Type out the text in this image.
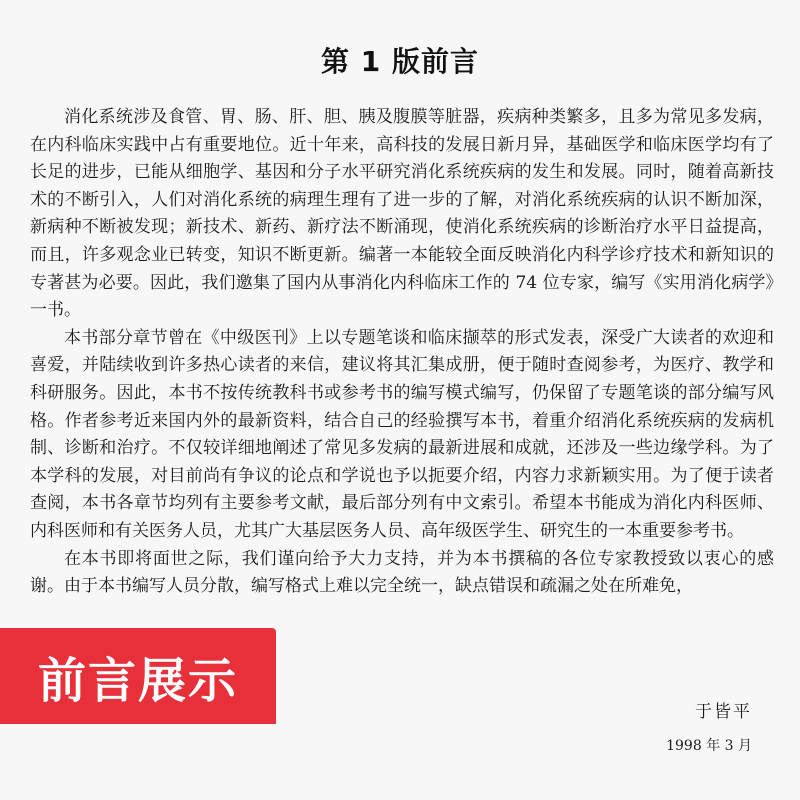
第 1 版前言

消化系统涉及食管、胃、肠、肝、胆、胰及腹膜等脏器，疾病种类繁多，且多为常见多发病，在内科临床实践中占有重要地位。近十年来，高科技的发展日新月异，基础医学和临床医学均有了长足的进步，已能从细胞学、基因和分子水平研究消化系统疾病的发生和发展。同时，随着高新技术的不断引入，人们对消化系统的病理生理有了进一步的了解，对消化系统疾病的认识不断加深，新病种不断被发现；新技术、新药、新疗法不断涌现，使消化系统疾病的诊断治疗水平日益提高，而且，许多观念业已转变，知识不断更新。编著一本能较全面反映消化内科学诊疗技术和新知识的专著甚为必要。因此，我们邀集了国内从事消化内科临床工作的 74 位专家，编写《实用消化病学》一书。

本书部分章节曾在《中级医刊》上以专题笔谈和临床撷萃的形式发表，深受广大读者的欢迎和喜爱，并陆续收到许多热心读者的来信，建议将其汇集成册，便于随时查阅参考，为医疗、教学和科研服务。因此，本书不按传统教科书或参考书的编写模式编写，仍保留了专题笔谈的部分编写风格。作者参考近来国内外的最新资料，结合自己的经验撰写本书，着重介绍消化系统疾病的发病机制、诊断和治疗。不仅较详细地阐述了常见多发病的最新进展和成就，还涉及一些边缘学科。为了本学科的发展，对目前尚有争议的论点和学说也予以扼要介绍，内容力求新颖实用。为了便于读者查阅，本书各章节均列有主要参考文献，最后部分列有中文索引。希望本书能成为消化内科医师、内科医师和有关医务人员，尤其广大基层医务人员、高年级医学生、研究生的一本重要参考书。

在本书即将面世之际，我们谨向给予大力支持，并为本书撰稿的各位专家教授致以衷心的感谢。由于本书编写人员分散，编写格式上难以完全统一，缺点错误和疏漏之处在所难免，

于皆平
1998 年 3 月
前言展示
